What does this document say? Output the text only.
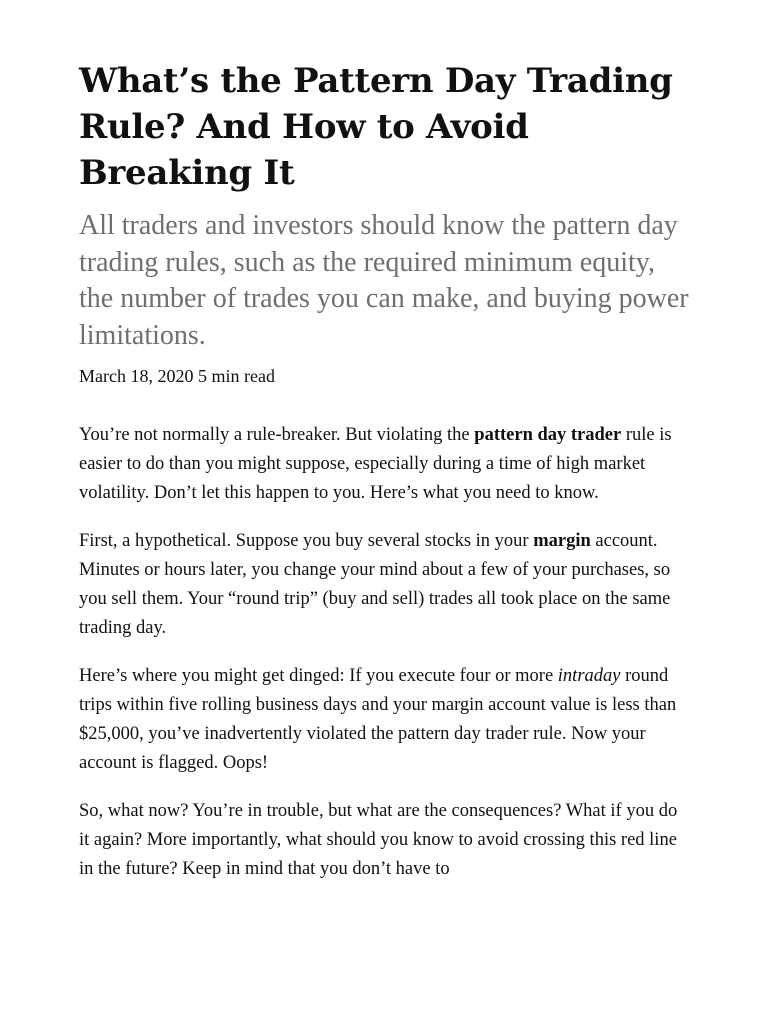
What’s the Pattern Day Trading Rule? And How to Avoid Breaking It

All traders and investors should know the pattern day trading rules, such as the required minimum equity, the number of trades you can make, and buying power limitations.

March 18, 2020 5 min read

You’re not normally a rule-breaker. But violating the pattern day trader rule is easier to do than you might suppose, especially during a time of high market volatility. Don’t let this happen to you. Here’s what you need to know.

First, a hypothetical. Suppose you buy several stocks in your margin account. Minutes or hours later, you change your mind about a few of your purchases, so you sell them. Your “round trip” (buy and sell) trades all took place on the same trading day.

Here’s where you might get dinged: If you execute four or more intraday round trips within five rolling business days and your margin account value is less than $25,000, you’ve inadvertently violated the pattern day trader rule. Now your account is flagged. Oops!

So, what now? You’re in trouble, but what are the consequences? What if you do it again? More importantly, what should you know to avoid crossing this red line in the future? Keep in mind that you don’t have to
